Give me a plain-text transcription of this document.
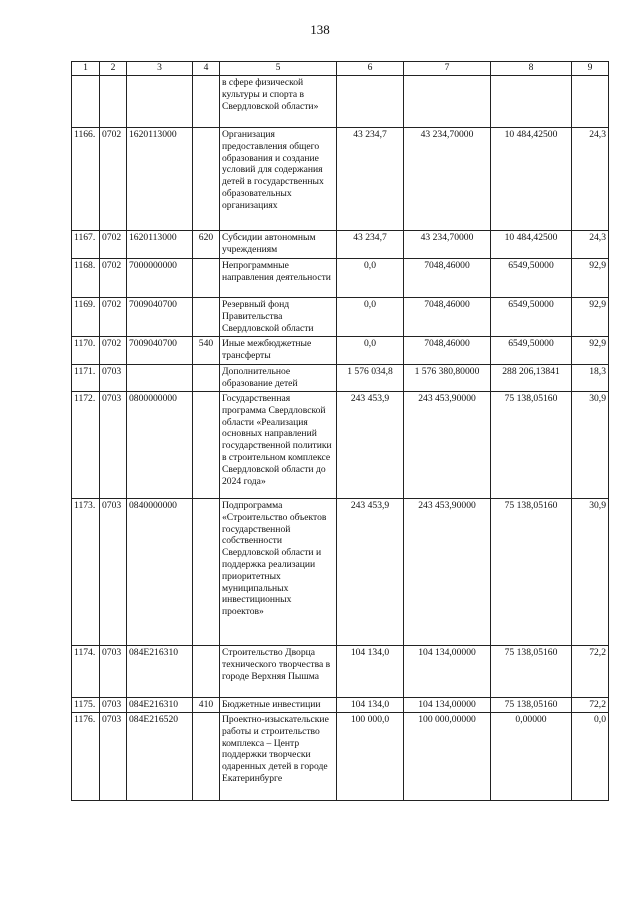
138
1	2	3	4	5	6	7	8	9
				в сфере физической культуры и спорта в Свердловской области»				
1166.	0702	1620113000		Организация предоставления общего образования и создание условий для содержания детей в государственных образовательных организациях	43 234,7	43 234,70000	10 484,42500	24,3
1167.	0702	1620113000	620	Субсидии автономным учреждениям	43 234,7	43 234,70000	10 484,42500	24,3
1168.	0702	7000000000		Непрограммные направления деятельности	0,0	7048,46000	6549,50000	92,9
1169.	0702	7009040700		Резервный фонд Правительства Свердловской области	0,0	7048,46000	6549,50000	92,9
1170.	0702	7009040700	540	Иные межбюджетные трансферты	0,0	7048,46000	6549,50000	92,9
1171.	0703			Дополнительное образование детей	1 576 034,8	1 576 380,80000	288 206,13841	18,3
1172.	0703	0800000000		Государственная программа Свердловской области «Реализация основных направлений государственной политики в строительном комплексе Свердловской области до 2024 года»	243 453,9	243 453,90000	75 138,05160	30,9
1173.	0703	0840000000		Подпрограмма «Строительство объектов государственной собственности Свердловской области и поддержка реализации приоритетных муниципальных инвестиционных проектов»	243 453,9	243 453,90000	75 138,05160	30,9
1174.	0703	084E216310		Строительство Дворца технического творчества в городе Верхняя Пышма	104 134,0	104 134,00000	75 138,05160	72,2
1175.	0703	084E216310	410	Бюджетные инвестиции	104 134,0	104 134,00000	75 138,05160	72,2
1176.	0703	084E216520		Проектно-изыскательские работы и строительство комплекса – Центр поддержки творчески одаренных детей в городе Екатеринбурге	100 000,0	100 000,00000	0,00000	0,0
